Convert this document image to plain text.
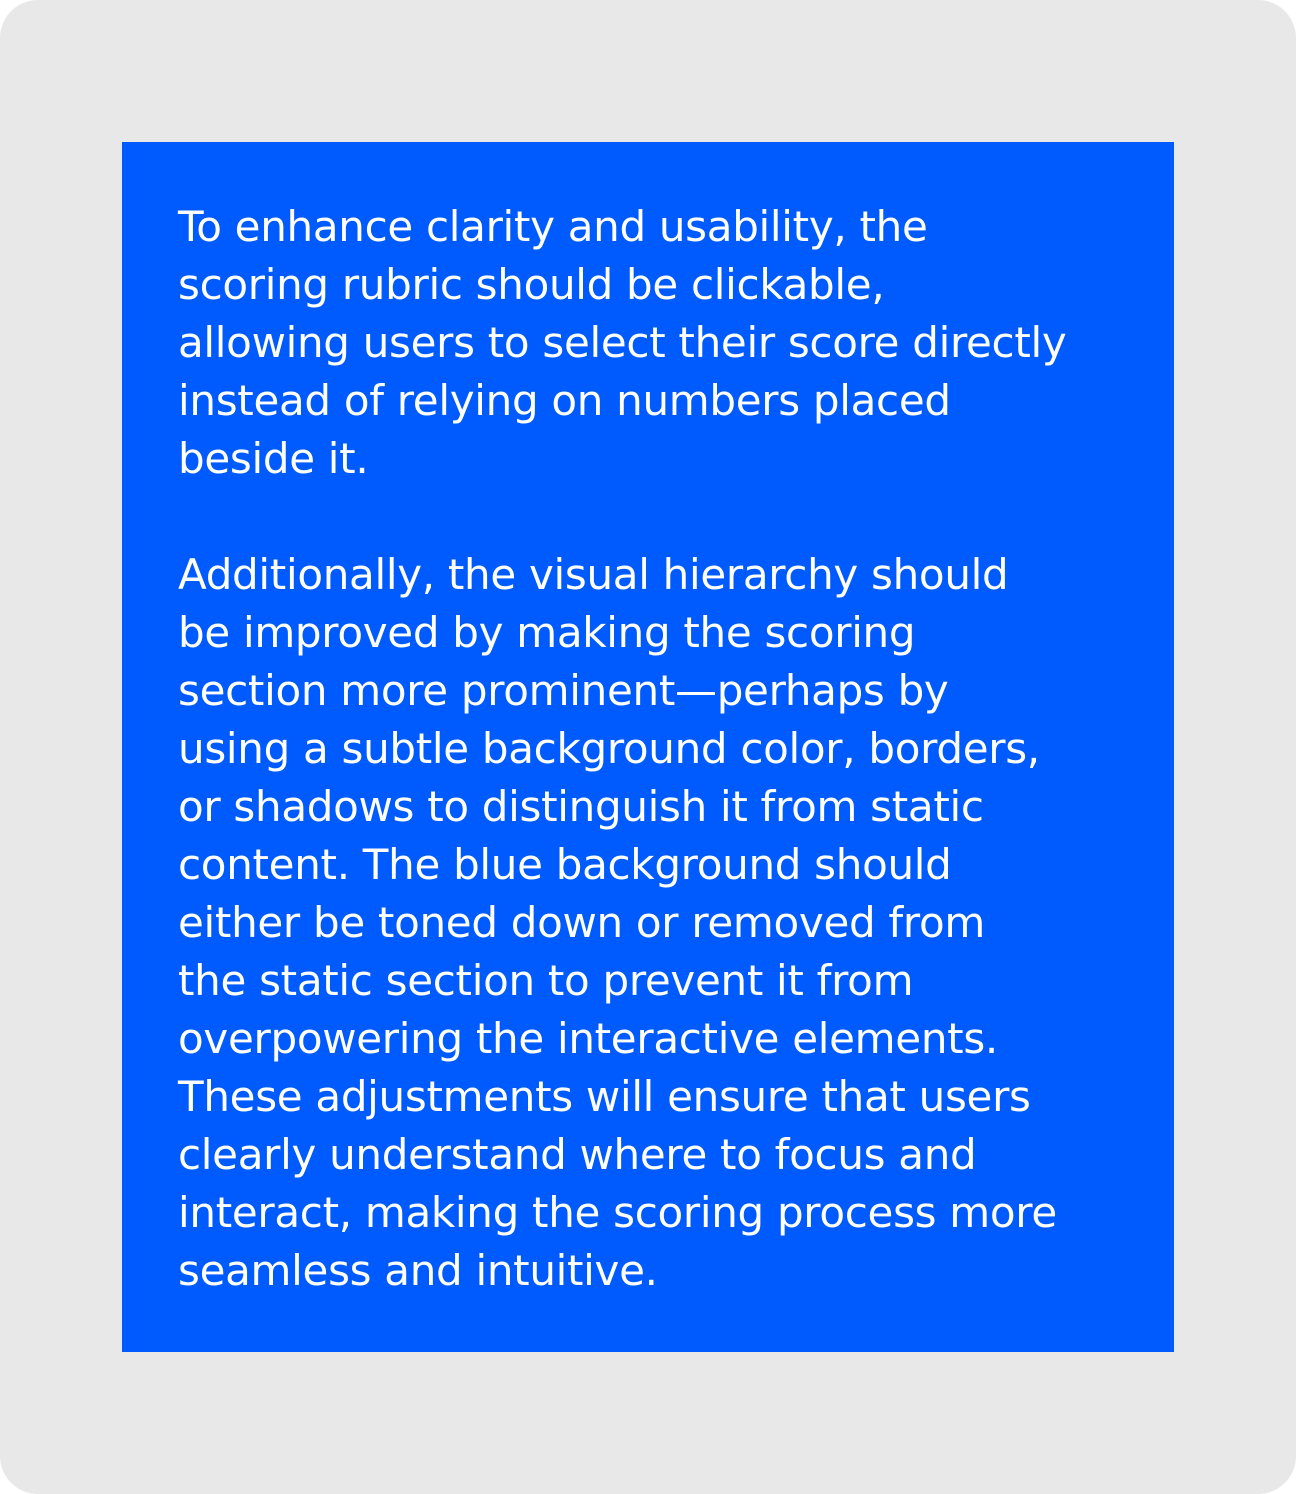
To enhance clarity and usability, the
scoring rubric should be clickable,
allowing users to select their score directly
instead of relying on numbers placed
beside it.

Additionally, the visual hierarchy should
be improved by making the scoring
section more prominent—perhaps by
using a subtle background color, borders,
or shadows to distinguish it from static
content. The blue background should
either be toned down or removed from
the static section to prevent it from
overpowering the interactive elements.
These adjustments will ensure that users
clearly understand where to focus and
interact, making the scoring process more
seamless and intuitive.
